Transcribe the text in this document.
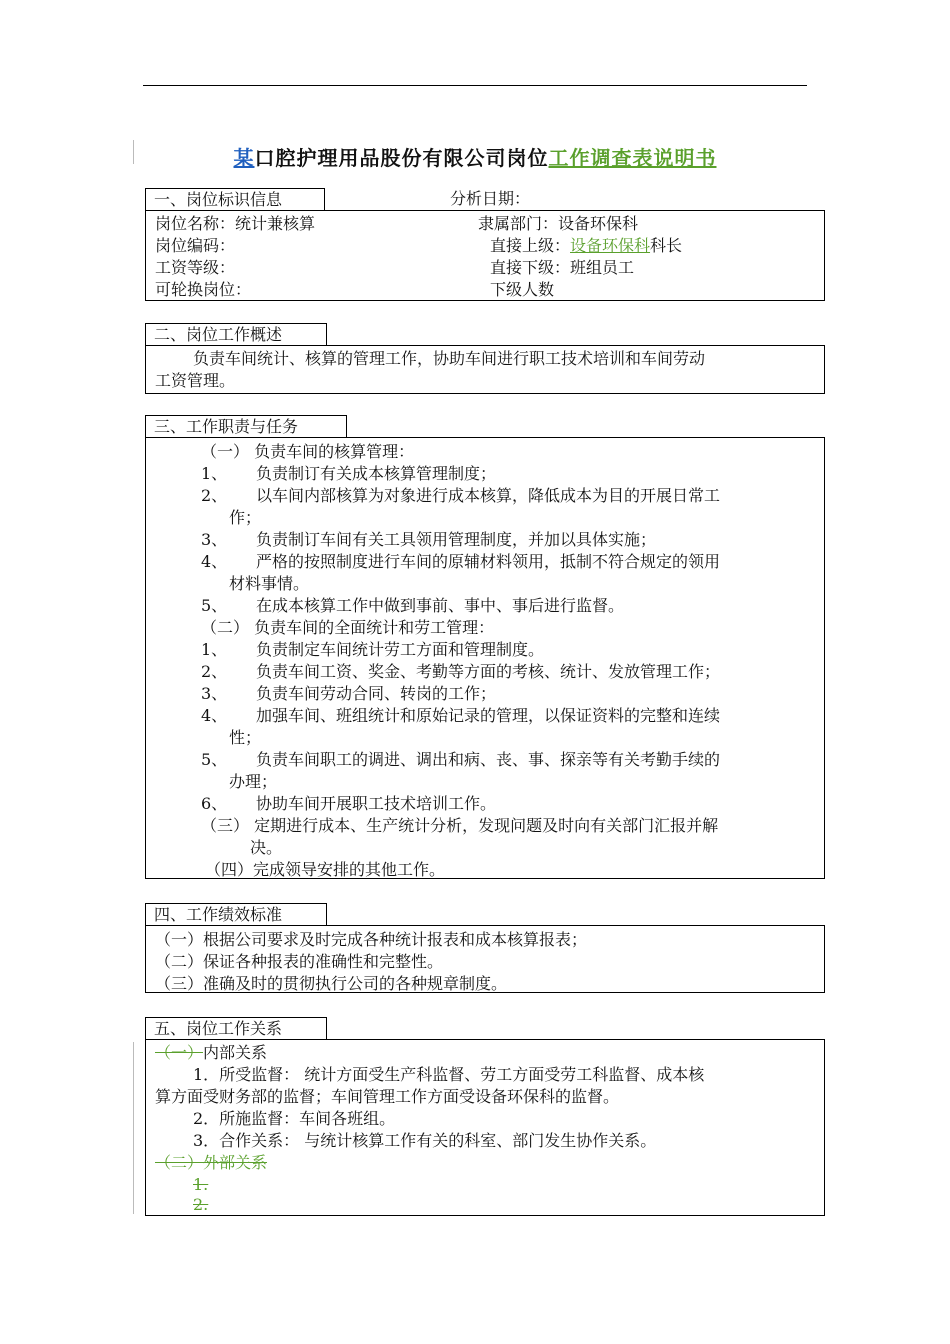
某口腔护理用品股份有限公司岗位工作调查表说明书
一、岗位标识信息	分析日期：
岗位名称：统计兼核算	隶属部门：设备环保科
岗位编码：	直接上级：设备环保科科长
工资等级：	直接下级：班组员工
可轮换岗位：	下级人数
二、岗位工作概述
负责车间统计、核算的管理工作，协助车间进行职工技术培训和车间劳动
工资管理。
三、工作职责与任务
（一） 负责车间的核算管理：
1、 负责制订有关成本核算管理制度；
2、 以车间内部核算为对象进行成本核算，降低成本为目的开展日常工
作；
3、 负责制订车间有关工具领用管理制度，并加以具体实施；
4、 严格的按照制度进行车间的原辅材料领用，抵制不符合规定的领用
材料事情。
5、 在成本核算工作中做到事前、事中、事后进行监督。
（二） 负责车间的全面统计和劳工管理：
1、 负责制定车间统计劳工方面和管理制度。
2、 负责车间工资、奖金、考勤等方面的考核、统计、发放管理工作；
3、 负责车间劳动合同、转岗的工作；
4、 加强车间、班组统计和原始记录的管理，以保证资料的完整和连续
性；
5、 负责车间职工的调进、调出和病、丧、事、探亲等有关考勤手续的
办理；
6、 协助车间开展职工技术培训工作。
（三） 定期进行成本、生产统计分析，发现问题及时向有关部门汇报并解
决。
（四）完成领导安排的其他工作。
四、工作绩效标准
（一）根据公司要求及时完成各种统计报表和成本核算报表；
（二）保证各种报表的准确性和完整性。
（三）准确及时的贯彻执行公司的各种规章制度。
五、岗位工作关系
（一）内部关系
1．所受监督： 统计方面受生产科监督、劳工方面受劳工科监督、成本核
算方面受财务部的监督；车间管理工作方面受设备环保科的监督。
2．所施监督：车间各班组。
3．合作关系： 与统计核算工作有关的科室、部门发生协作关系。
（二）外部关系
1.
2.
